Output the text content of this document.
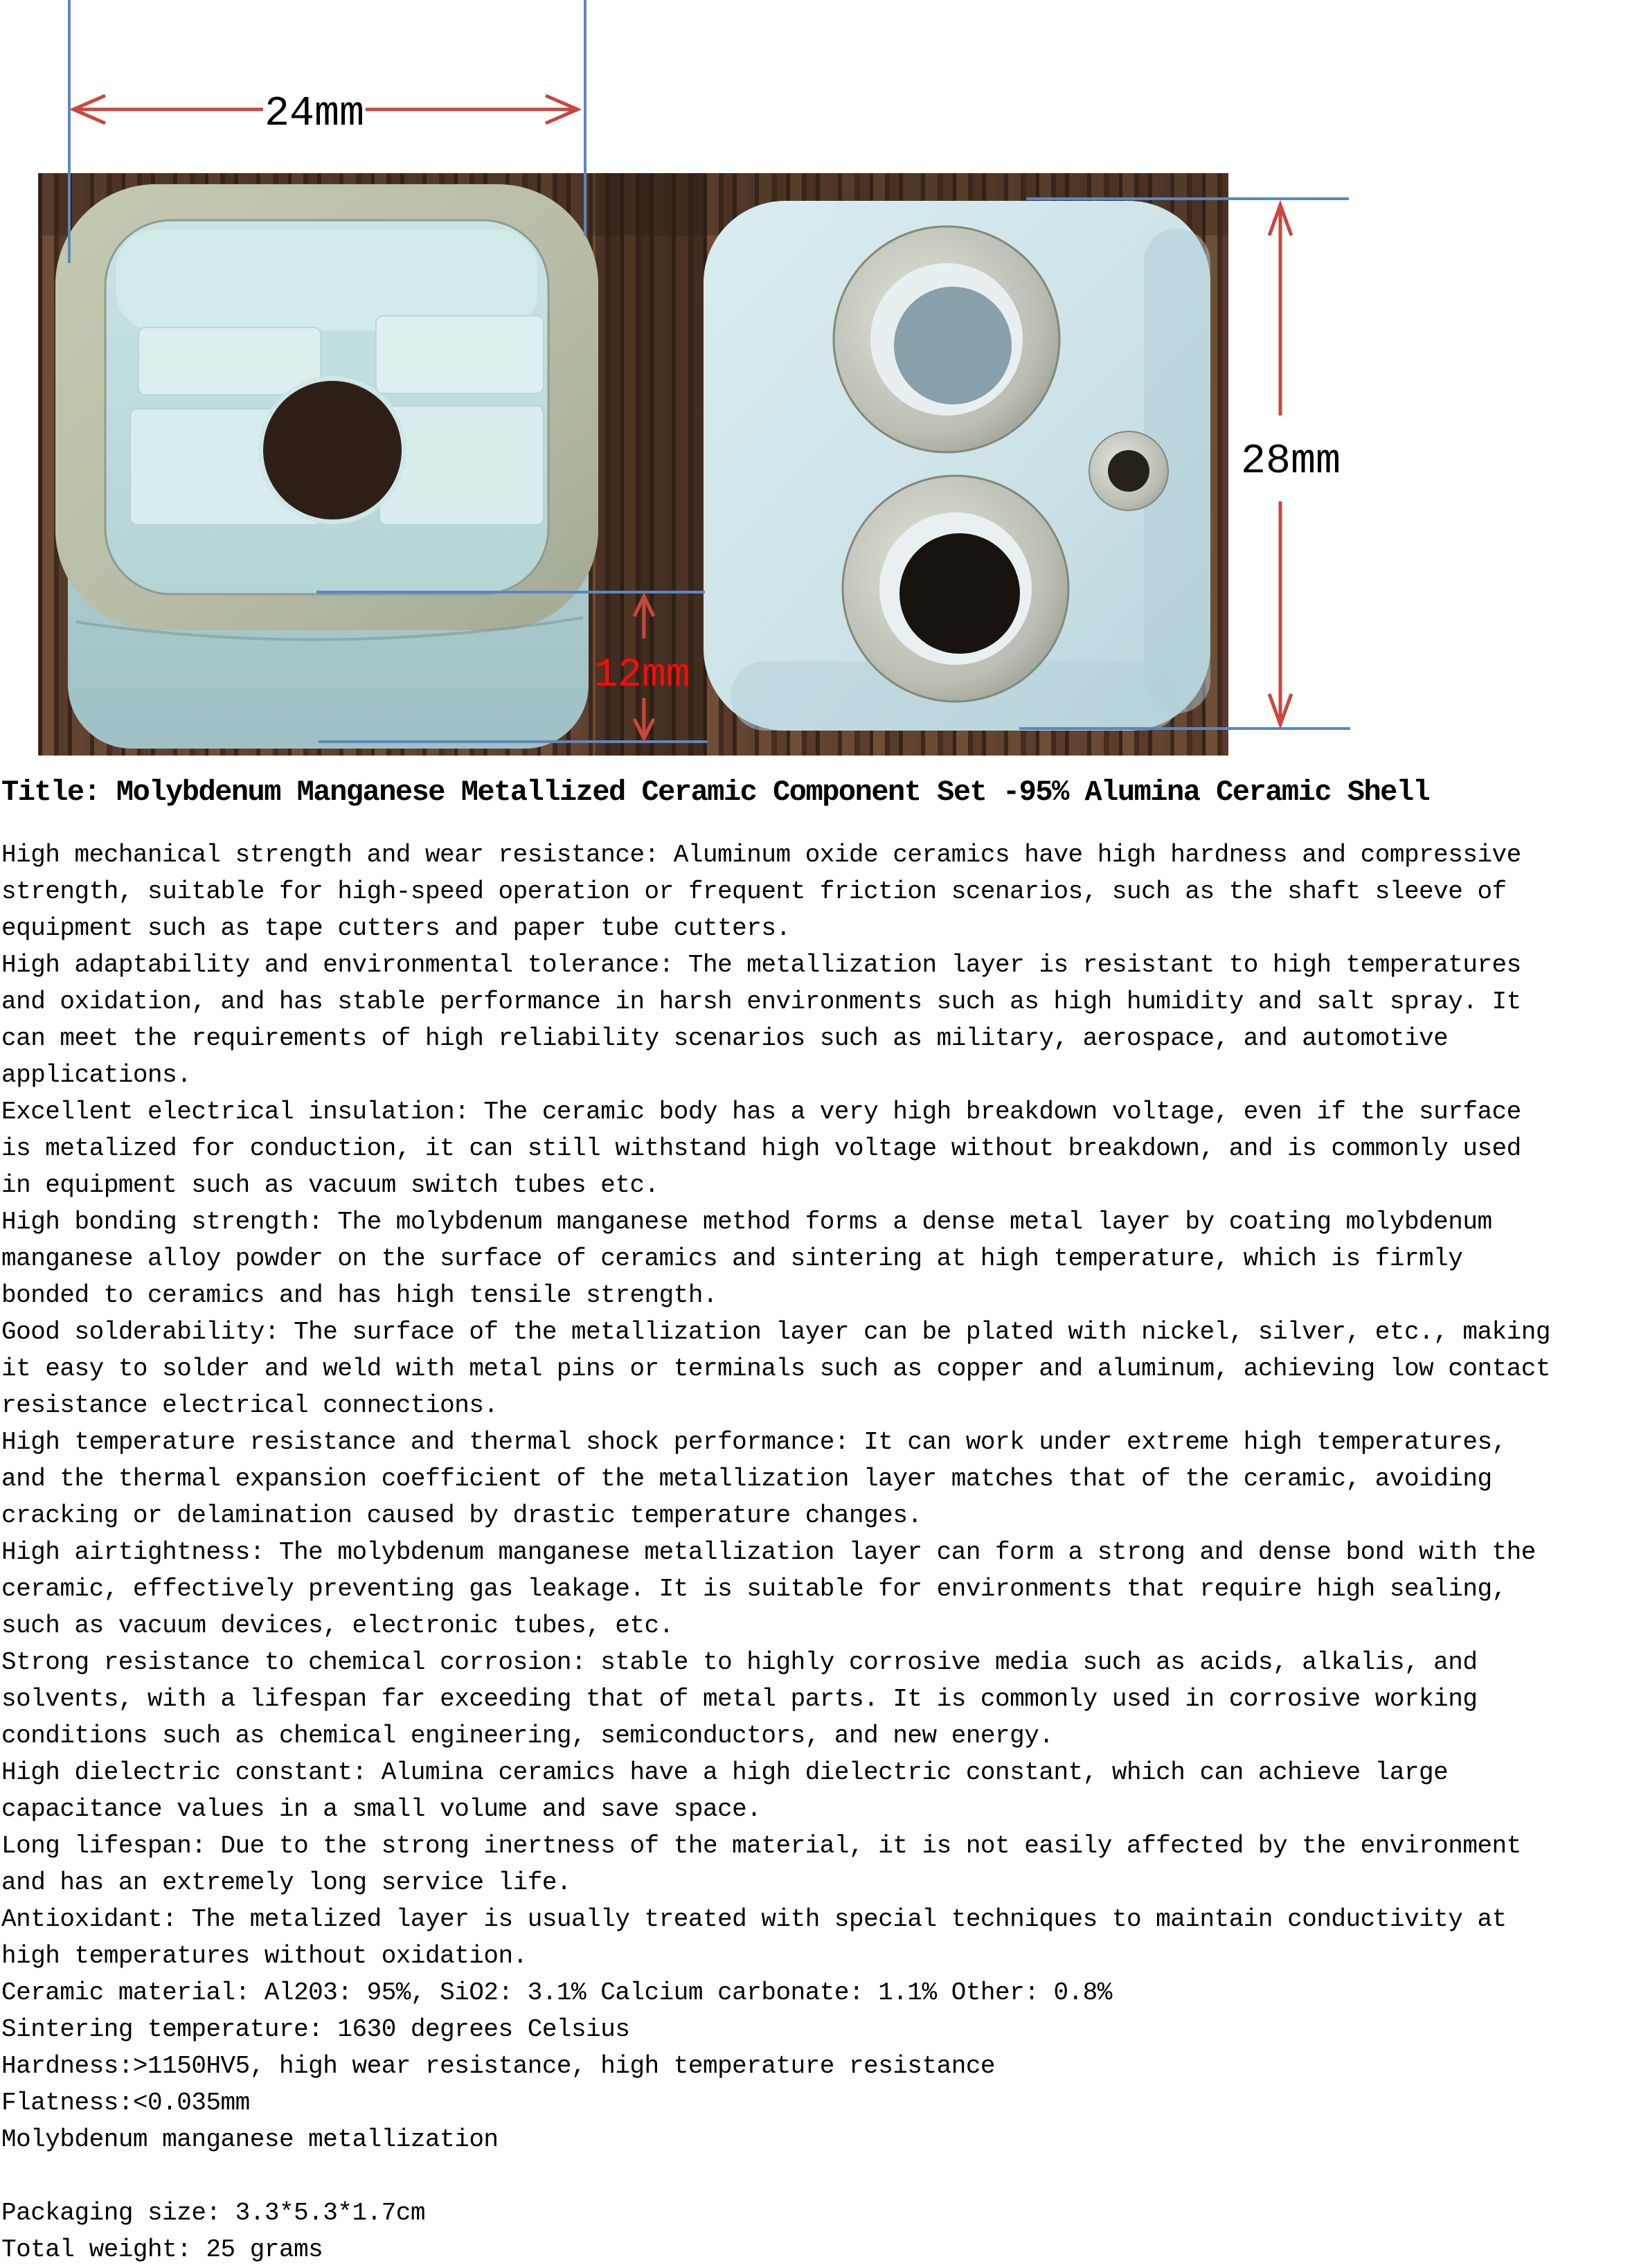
24mm
28mm
12mm
Title: Molybdenum Manganese Metallized Ceramic Component Set -95% Alumina Ceramic Shell
High mechanical strength and wear resistance: Aluminum oxide ceramics have high hardness and compressive
strength, suitable for high-speed operation or frequent friction scenarios, such as the shaft sleeve of
equipment such as tape cutters and paper tube cutters.
High adaptability and environmental tolerance: The metallization layer is resistant to high temperatures
and oxidation, and has stable performance in harsh environments such as high humidity and salt spray. It
can meet the requirements of high reliability scenarios such as military, aerospace, and automotive
applications.
Excellent electrical insulation: The ceramic body has a very high breakdown voltage, even if the surface
is metalized for conduction, it can still withstand high voltage without breakdown, and is commonly used
in equipment such as vacuum switch tubes etc.
High bonding strength: The molybdenum manganese method forms a dense metal layer by coating molybdenum
manganese alloy powder on the surface of ceramics and sintering at high temperature, which is firmly
bonded to ceramics and has high tensile strength.
Good solderability: The surface of the metallization layer can be plated with nickel, silver, etc., making
it easy to solder and weld with metal pins or terminals such as copper and aluminum, achieving low contact
resistance electrical connections.
High temperature resistance and thermal shock performance: It can work under extreme high temperatures,
and the thermal expansion coefficient of the metallization layer matches that of the ceramic, avoiding
cracking or delamination caused by drastic temperature changes.
High airtightness: The molybdenum manganese metallization layer can form a strong and dense bond with the
ceramic, effectively preventing gas leakage. It is suitable for environments that require high sealing,
such as vacuum devices, electronic tubes, etc.
Strong resistance to chemical corrosion: stable to highly corrosive media such as acids, alkalis, and
solvents, with a lifespan far exceeding that of metal parts. It is commonly used in corrosive working
conditions such as chemical engineering, semiconductors, and new energy.
High dielectric constant: Alumina ceramics have a high dielectric constant, which can achieve large
capacitance values in a small volume and save space.
Long lifespan: Due to the strong inertness of the material, it is not easily affected by the environment
and has an extremely long service life.
Antioxidant: The metalized layer is usually treated with special techniques to maintain conductivity at
high temperatures without oxidation.
Ceramic material: Al203: 95%, SiO2: 3.1% Calcium carbonate: 1.1% Other: 0.8%
Sintering temperature: 1630 degrees Celsius
Hardness:>1150HV5, high wear resistance, high temperature resistance
Flatness:<0.035mm
Molybdenum manganese metallization
Packaging size: 3.3*5.3*1.7cm
Total weight: 25 grams
